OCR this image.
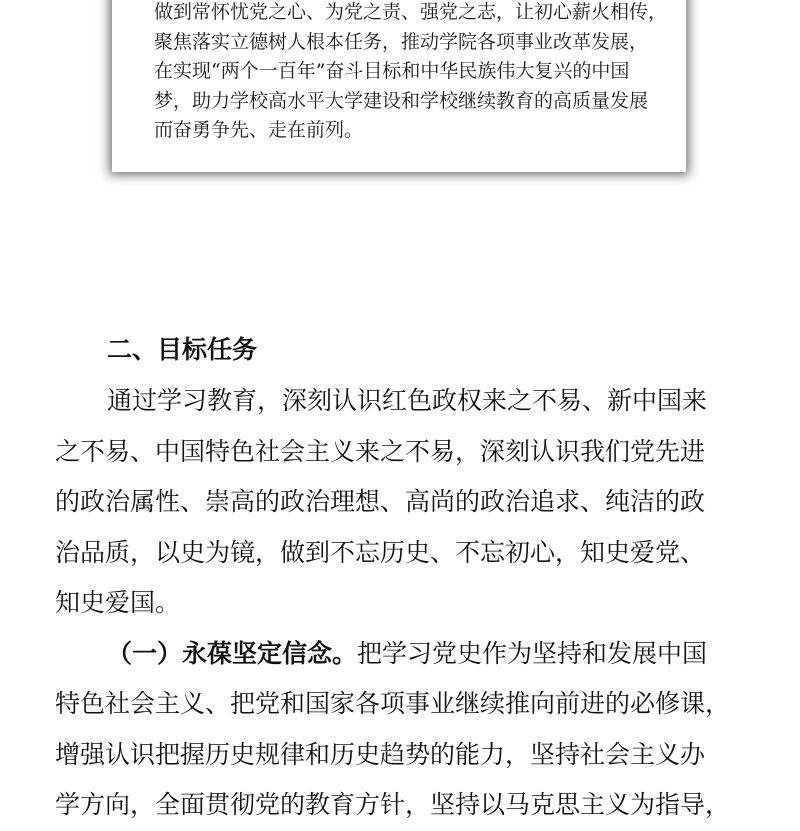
做到常怀忧党之心、为党之责、强党之志，让初心薪火相传，
聚焦落实立德树人根本任务，推动学院各项事业改革发展，
在实现“两个一百年”奋斗目标和中华民族伟大复兴的中国
梦，助力学校高水平大学建设和学校继续教育的高质量发展
而奋勇争先、走在前列。
二、目标任务
通过学习教育，深刻认识红色政权来之不易、新中国来
之不易、中国特色社会主义来之不易，深刻认识我们党先进
的政治属性、崇高的政治理想、高尚的政治追求、纯洁的政
治品质，以史为镜，做到不忘历史、不忘初心，知史爱党、
知史爱国。
（一）永葆坚定信念。把学习党史作为坚持和发展中国
特色社会主义、把党和国家各项事业继续推向前进的必修课，
增强认识把握历史规律和历史趋势的能力，坚持社会主义办
学方向，全面贯彻党的教育方针，坚持以马克思主义为指导，
